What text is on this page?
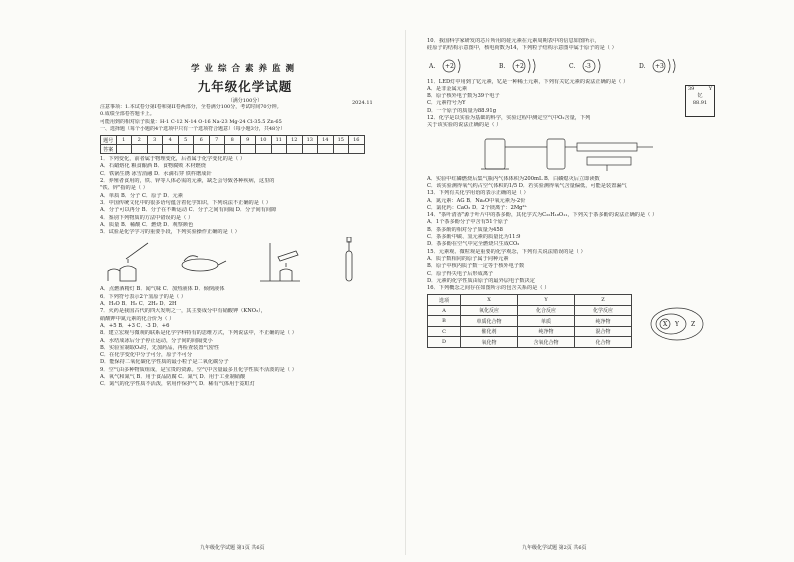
学业综合素养监测
九年级化学试题
（满分100分）
注意事项：1.本试卷分第I卷和第II卷两部分，全卷满分100分，考试时间70分钟。
0.成绩全部卷答题卡上。
可能用到的相对原子质量：H-1 C-12 N-14 O-16 Na-23 Mg-24 Cl-35.5 Zn-65
一、选择题（每个小题的4个选项中只有一个选项符合题意）（每小题3分，共48分）
题号	1	2	3	4	5	6	7	8	9	10	11	12	13	14	15	16
答案																
1．下列变化，前者属于物理变化，后者属于化学变化的是（ ）
A．石蜡熔化 粮食酿酒 B．食物腐败 木材燃烧
C．铁锅生锈 冰雪消融 D．水滴石穿 铁杵磨成针
2．养殖者食用的，铁、锌等人体必需的元素，缺乏会导致各种疾病，这里的
"铁、锌"指的是（ ）
A．单质 B．分子 C．原子 D．元素
3．中国传统文化中的很多语句蕴含着化学知识，下列说法不正确的是（ ）
A．分子可以再分 B．分子在不断运动 C．分子之间有间隔 D．分子间有间隙
4．鉴别下列物质的方法中错误的是（ ）
A．质量 B．稀酸 C．燃烧 D．观察颜色
5．试验是化学学习的重要手段，下列实验操作正确的是（ ）
A．点燃酒精灯 B．闻气味 C．加热液体 D．倾倒液体
6．下列符号表示2个氢原子的是（ ）
A．H₂O B．H₂ C．2H₂ D．2H
7．火药是我国古代的四大发明之一，其主要成分中有硝酸钾（KNO₃），
硝酸钾中氮元素的化合价为（ ）
A．+5 B．+3 C．-3 D．+6
8．建立宏观与微观的联系是化学学科特有的思维方式，下列说法中，不正确的是（ ）
A．水结成冰后分子停止运动，分子间的间隔变小
B．实验室制取O₂时，先加药品，再检查装置气密性
C．在化学变化中分子可分，原子不可分
D．能保持二氧化碳化学性质的最小粒子是二氧化碳分子
9．空气由多种物质组成，是宝贵的资源。空气中含量最多且化学性质不活泼的是（ ）
A．氧气和氮气 B．用于食品防腐 C．氮气 D．用于工业制硝酸
C．氮气的化学性质不活泼，常用作保护气 D．稀有气体用于霓虹灯
九年级化学试题 第1页 共6页
2024.11
10．我国科学家研发的芯片所用的硅元素在元素周期表中的信息如图所示，
硅原子的结构示意图中，核电荷数为14，下列粒子结构示意图中属于原子的是（ ）
A. +2	B. +2	C. -3	D. +3
11．LED灯中用到了钇元素，钇是一种稀土元素，下列有关钇元素的说法正确的是（ ）
A．是非金属元素
B．原子核外电子数为39个电子
C．元素符号为Y
D．一个原子的质量为88.91g
39	Y
钇
88.91
12．化学是以实验为基础的科学，实验过程中测定空气中O₂含量，下列
关于该实验的说法正确的是（ ）
A．实验中红磷燃烧后集气瓶内气体体积为200mL B．白磷熄灭后立即读数
C．该实验测得氧气约占空气体积的1/5 D．若实验测得氧气含量偏低，可能是装置漏气
13．下列有关化学用语的表示正确的是（ ）
A．氮元素：AG B．Na₂O中氧元素为-2价
C．氯化钙：CaO₂ D．2个镁离子：2Mg²⁺
14．"茶叶清香"源于叶片中的茶多酚，其化学式为C₂₂H₁₈O₁₁，下列关于茶多酚的说法正确的是（ ）
A．1个茶多酚分子中含有51个原子
B．茶多酚的相对分子质量为458
C．茶多酚中碳、氢元素的质量比为11:9
D．茶多酚在空气中完全燃烧只生成CO₂
15．元素观、微粒观是重要的化学观念，下列有关说法错误的是（ ）
A．质子数相同的原子属于同种元素
B．原子中核内质子数一定等于核外电子数
C．原子得失电子后形成离子
D．元素的化学性质由原子的最外层电子数决定
16．下列概念之间存在如图所示的包含关系的是（ ）
选项	X	Y	Z
A	氧化反应	化合反应	化学反应
B	单质化合物	单质	纯净物
C	催化剂	纯净物	混合物
D	氧化物	含氧化合物	化合物
X Y Z
九年级化学试题 第2页 共6页
